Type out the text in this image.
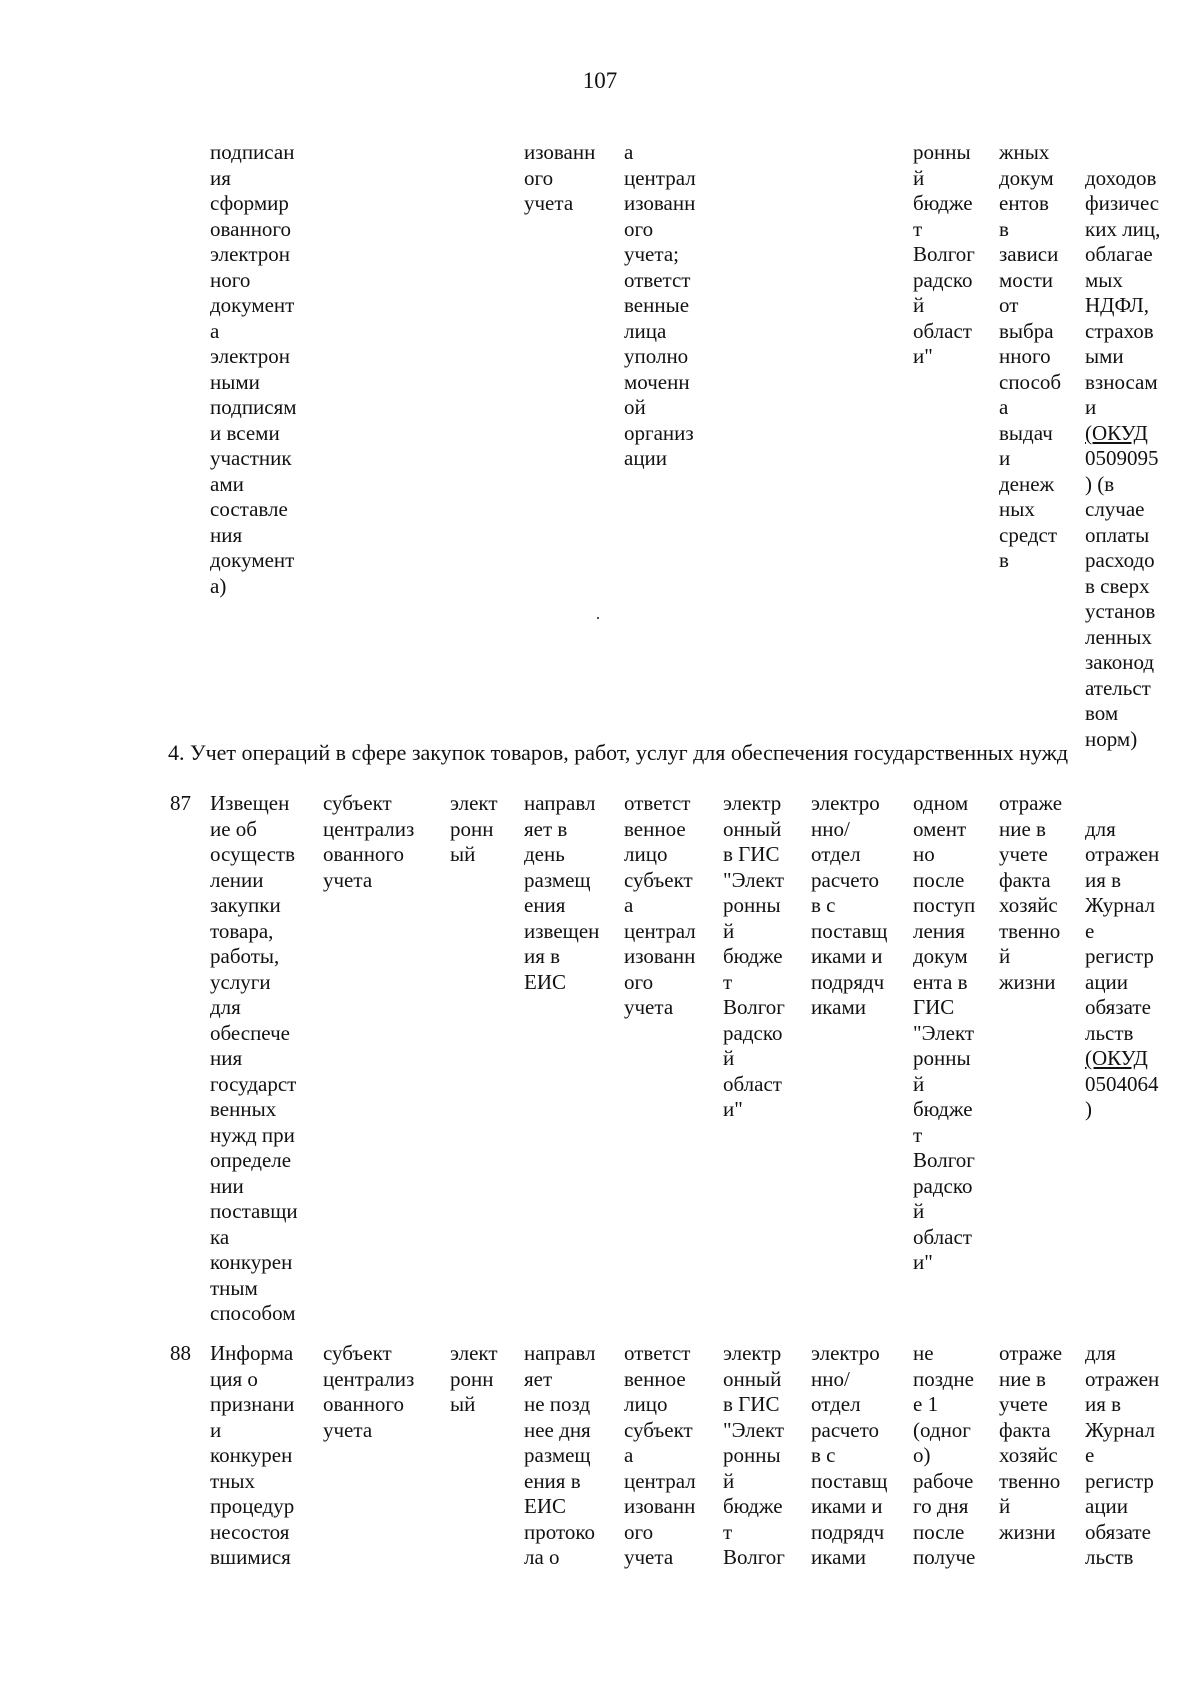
107
подписан
ия
сформир
ованного
электрон
ного
документ
а
электрон
ными
подписям
и всеми
участник
ами
составле
ния
документ
а)
изованн
ого
учета
а
централ
изованн
ого
учета;
ответст
венные
лица
уполно
моченн
ой
организ
ации
ронны
й
бюдже
т
Волгог
радско
й
област
и"
жных
докум
ентов
в
зависи
мости
от
выбра
нного
способ
а
выдач
и
денеж
ных
средст
в

доходов
физичес
ких лиц,
облагае
мых
НДФЛ,
страхов
ыми
взносам
и
(ОКУД
0509095
) (в
случае
оплаты
расходо
в сверх
установ
ленных
законод
ательст
вом
норм)

4. Учет операций в сфере закупок товаров, работ, услуг для обеспечения государственных нужд
87 Извещен
ие об
осуществ
лении
закупки
товара,
работы,
услуги
для
обеспече
ния
государст
венных
нужд при
определе
нии
поставщи
ка
конкурен
тным
способом
субъект
централиз
ованного
учета
элект
ронн
ый
направл
яет в
день
размещ
ения
извещен
ия в
ЕИС
ответст
венное
лицо
субъект
а
централ
изованн
ого
учета
электр
онный
в ГИС
"Элект
ронны
й
бюдже
т
Волгог
радско
й
област
и"
электро
нно/
отдел
расчето
в с
поставщ
иками и
подрядч
иками
одном
омент
но
после
поступ
ления
докум
ента в
ГИС
"Элект
ронны
й
бюдже
т
Волгог
радско
й
област
и"
отраже
ние в
учете
факта
хозяйс
твенно
й
жизни

для
отражен
ия в
Журнал
е
регистр
ации
обязате
льств
(ОКУД
0504064
)

88 Информа
ция о
признани
и
конкурен
тных
процедур
несостоя
вшимися
субъект
централиз
ованного
учета
элект
ронн
ый
направл
яет
не позд
нее дня
размещ
ения в
ЕИС
протоко
ла о
ответст
венное
лицо
субъект
а
централ
изованн
ого
учета
электр
онный
в ГИС
"Элект
ронны
й
бюдже
т
Волгог
электро
нно/
отдел
расчето
в с
поставщ
иками и
подрядч
иками
не
поздне
е 1
(одног
о)
рабоче
го дня
после
получе
отраже
ние в
учете
факта
хозяйс
твенно
й
жизни
для
отражен
ия в
Журнал
е
регистр
ации
обязате
льств
